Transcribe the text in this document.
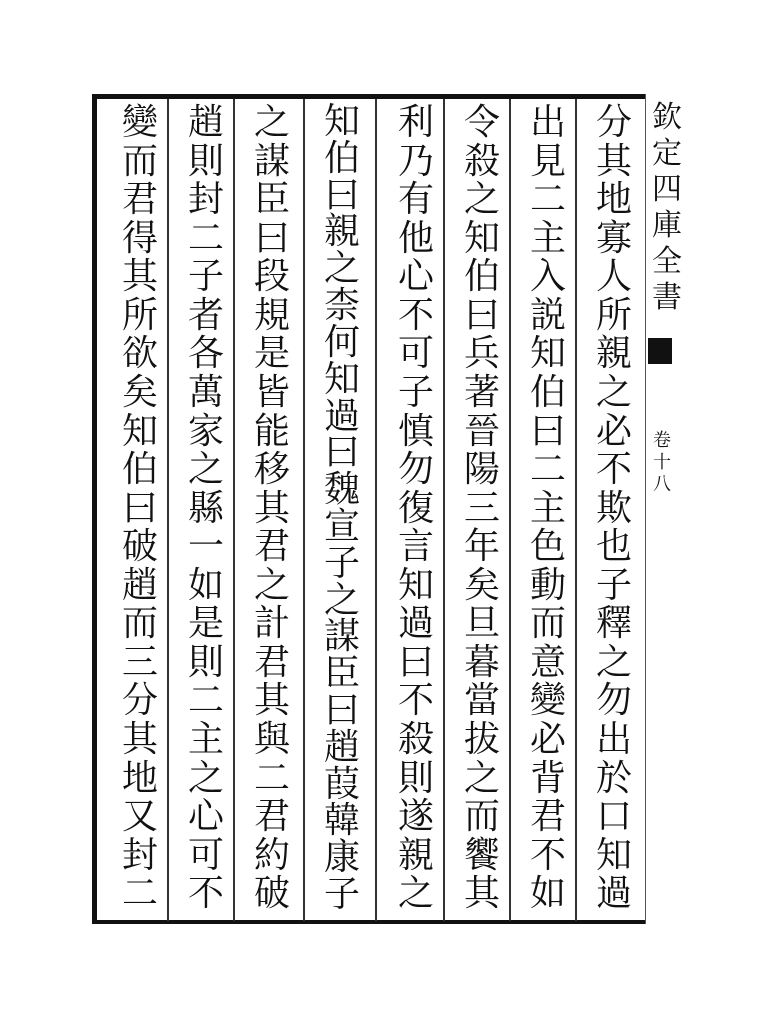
欽
定
四
庫
全
書
卷
十
八
分
其
地
寡
人
所
親
之
必
不
欺
也
子
釋
之
勿
出
於
口
知
過
出
見
二
主
入
説
知
伯
曰
二
主
色
動
而
意
變
必
背
君
不
如
令
殺
之
知
伯
曰
兵
著
晉
陽
三
年
矣
旦
暮
當
拔
之
而
饗
其
利
乃
有
他
心
不
可
子
慎
勿
復
言
知
過
曰
不
殺
則
遂
親
之
知
伯
曰
親
之
柰
何
知
過
曰
魏
宣
子
之
謀
臣
曰
趙
葭
韓
康
子
之
謀
臣
曰
段
規
是
皆
能
移
其
君
之
計
君
其
與
二
君
約
破
趙
則
封
二
子
者
各
萬
家
之
縣
一
如
是
則
二
主
之
心
可
不
變
而
君
得
其
所
欲
矣
知
伯
曰
破
趙
而
三
分
其
地
又
封
二
